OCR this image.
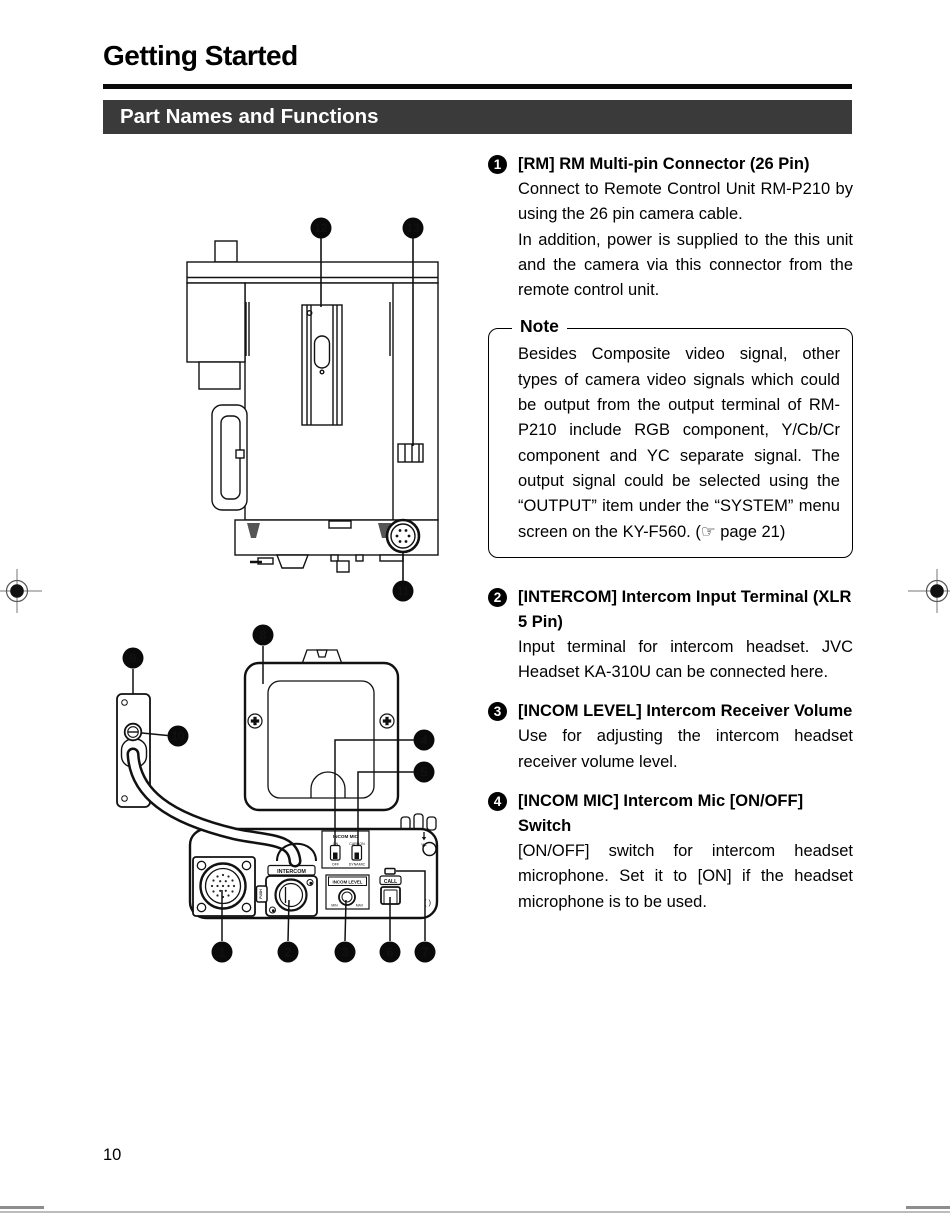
Getting Started
Part Names and Functions
12	13
11
INTERCOM
PUSH
INCOM MIC
ON	CARBON
OFF	DYNAMIC
INCOM LEVEL
MIN	MAX
CALL
VF
( )
9
10
8
4
5
1	2	3	6 7
1	[RM] RM Multi-pin Connector (26 Pin)

Connect to Remote Control Unit RM-P210 by using the 26 pin camera cable.

In addition, power is supplied to the this unit and the camera via this connector from the remote control unit.

Note

Besides Composite video signal, other types of camera video signals which could be output from the output terminal of RM-P210 include RGB component, Y/Cb/Cr component and YC separate signal. The output signal could be selected using the “OUTPUT” item under the “SYSTEM” menu screen on the KY-F560. (☞ page 21)

2	[INTERCOM] Intercom Input Terminal (XLR 5 Pin)

Input terminal for intercom headset. JVC Headset KA-310U can be connected here.

3	[INCOM LEVEL] Intercom Receiver Volume

Use for adjusting the intercom headset receiver volume level.

4	[INCOM MIC] Intercom Mic [ON/OFF] Switch

[ON/OFF] switch for intercom headset microphone. Set it to [ON] if the headset microphone is to be used.

10
